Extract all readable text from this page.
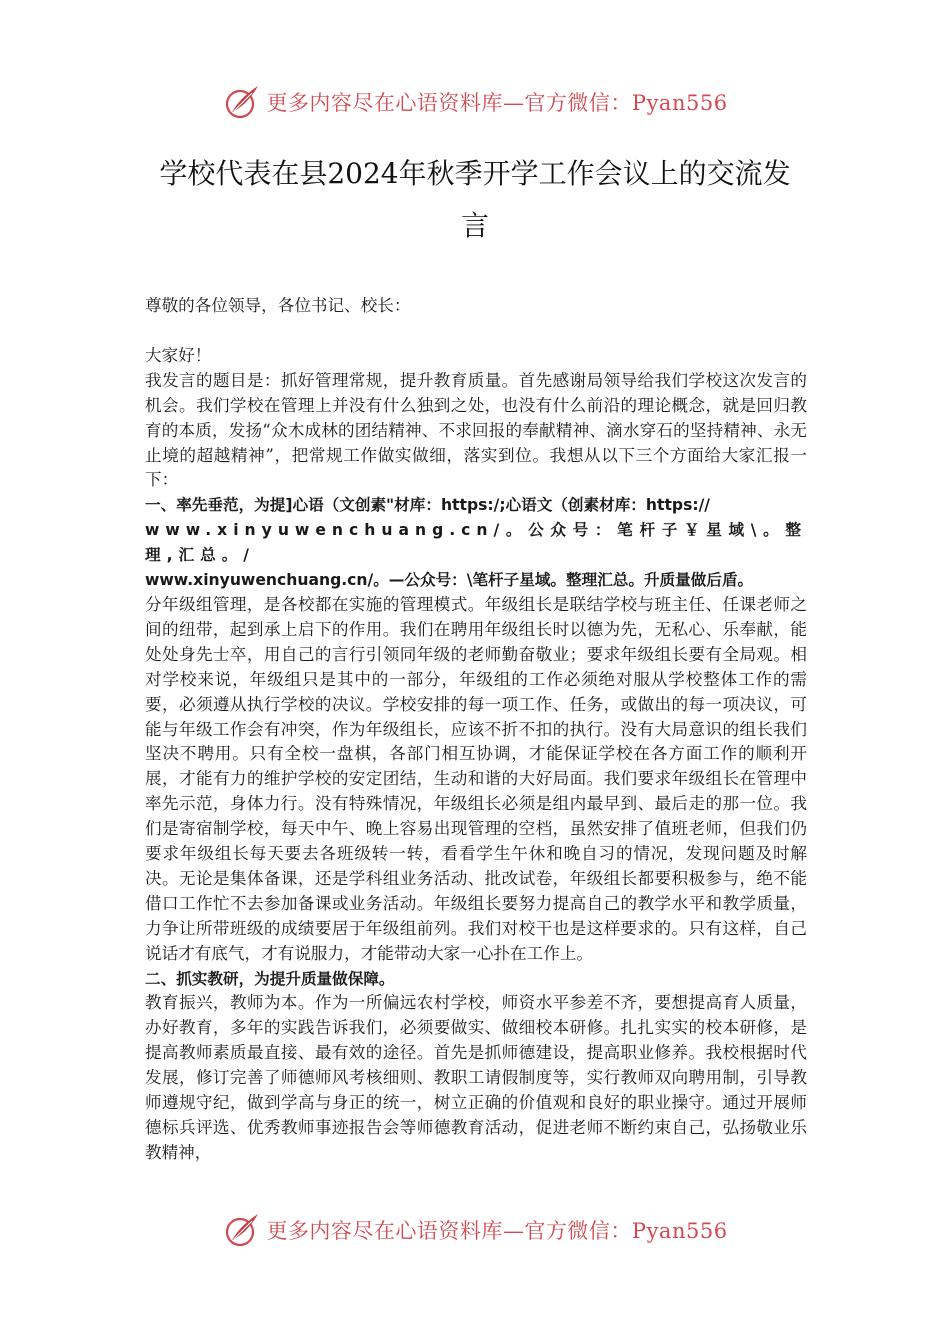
更多内容尽在心语资料库—官方微信：Pyan556
学校代表在县2024年秋季开学工作会议上的交流发
言

尊敬的各位领导，各位书记、校长：

大家好！

我发言的题目是：抓好管理常规，提升教育质量。首先感谢局领导给我们学校这次发言的机会。我们学校在管理上并没有什么独到之处，也没有什么前沿的理论概念，就是回归教育的本质，发扬“众木成林的团结精神、不求回报的奉献精神、滴水穿石的坚持精神、永无止境的超越精神”，把常规工作做实做细，落实到位。我想从以下三个方面给大家汇报一下：

一、率先垂范，为提]心语（文创素"材库：https:/;心语文（创素材库：https://
www.xinyuwenchuang.cn/。公众号：笔杆子￥星域\。整理,汇总。/
www.xinyuwenchuang.cn/。—公众号：\笔杆子星域。整理汇总。升质量做后盾。

分年级组管理，是各校都在实施的管理模式。年级组长是联结学校与班主任、任课老师之间的纽带，起到承上启下的作用。我们在聘用年级组长时以德为先，无私心、乐奉献，能处处身先士卒，用自己的言行引领同年级的老师勤奋敬业；要求年级组长要有全局观。相对学校来说，年级组只是其中的一部分，年级组的工作必须绝对服从学校整体工作的需要，必须遵从执行学校的决议。学校安排的每一项工作、任务，或做出的每一项决议，可能与年级工作会有冲突，作为年级组长，应该不折不扣的执行。没有大局意识的组长我们坚决不聘用。只有全校一盘棋，各部门相互协调，才能保证学校在各方面工作的顺利开展，才能有力的维护学校的安定团结，生动和谐的大好局面。我们要求年级组长在管理中率先示范，身体力行。没有特殊情况，年级组长必须是组内最早到、最后走的那一位。我们是寄宿制学校，每天中午、晚上容易出现管理的空档，虽然安排了值班老师，但我们仍要求年级组长每天要去各班级转一转，看看学生午休和晚自习的情况，发现问题及时解决。无论是集体备课，还是学科组业务活动、批改试卷，年级组长都要积极参与，绝不能借口工作忙不去参加备课或业务活动。年级组长要努力提高自己的教学水平和教学质量，力争让所带班级的成绩要居于年级组前列。我们对校干也是这样要求的。只有这样，自己说话才有底气，才有说服力，才能带动大家一心扑在工作上。

二、抓实教研，为提升质量做保障。

教育振兴，教师为本。作为一所偏远农村学校，师资水平参差不齐，要想提高育人质量，办好教育，多年的实践告诉我们，必须要做实、做细校本研修。扎扎实实的校本研修，是提高教师素质最直接、最有效的途径。首先是抓师德建设，提高职业修养。我校根据时代发展，修订完善了师德师风考核细则、教职工请假制度等，实行教师双向聘用制，引导教师遵规守纪，做到学高与身正的统一，树立正确的价值观和良好的职业操守。通过开展师德标兵评选、优秀教师事迹报告会等师德教育活动，促进老师不断约束自己，弘扬敬业乐教精神，

更多内容尽在心语资料库—官方微信：Pyan556
